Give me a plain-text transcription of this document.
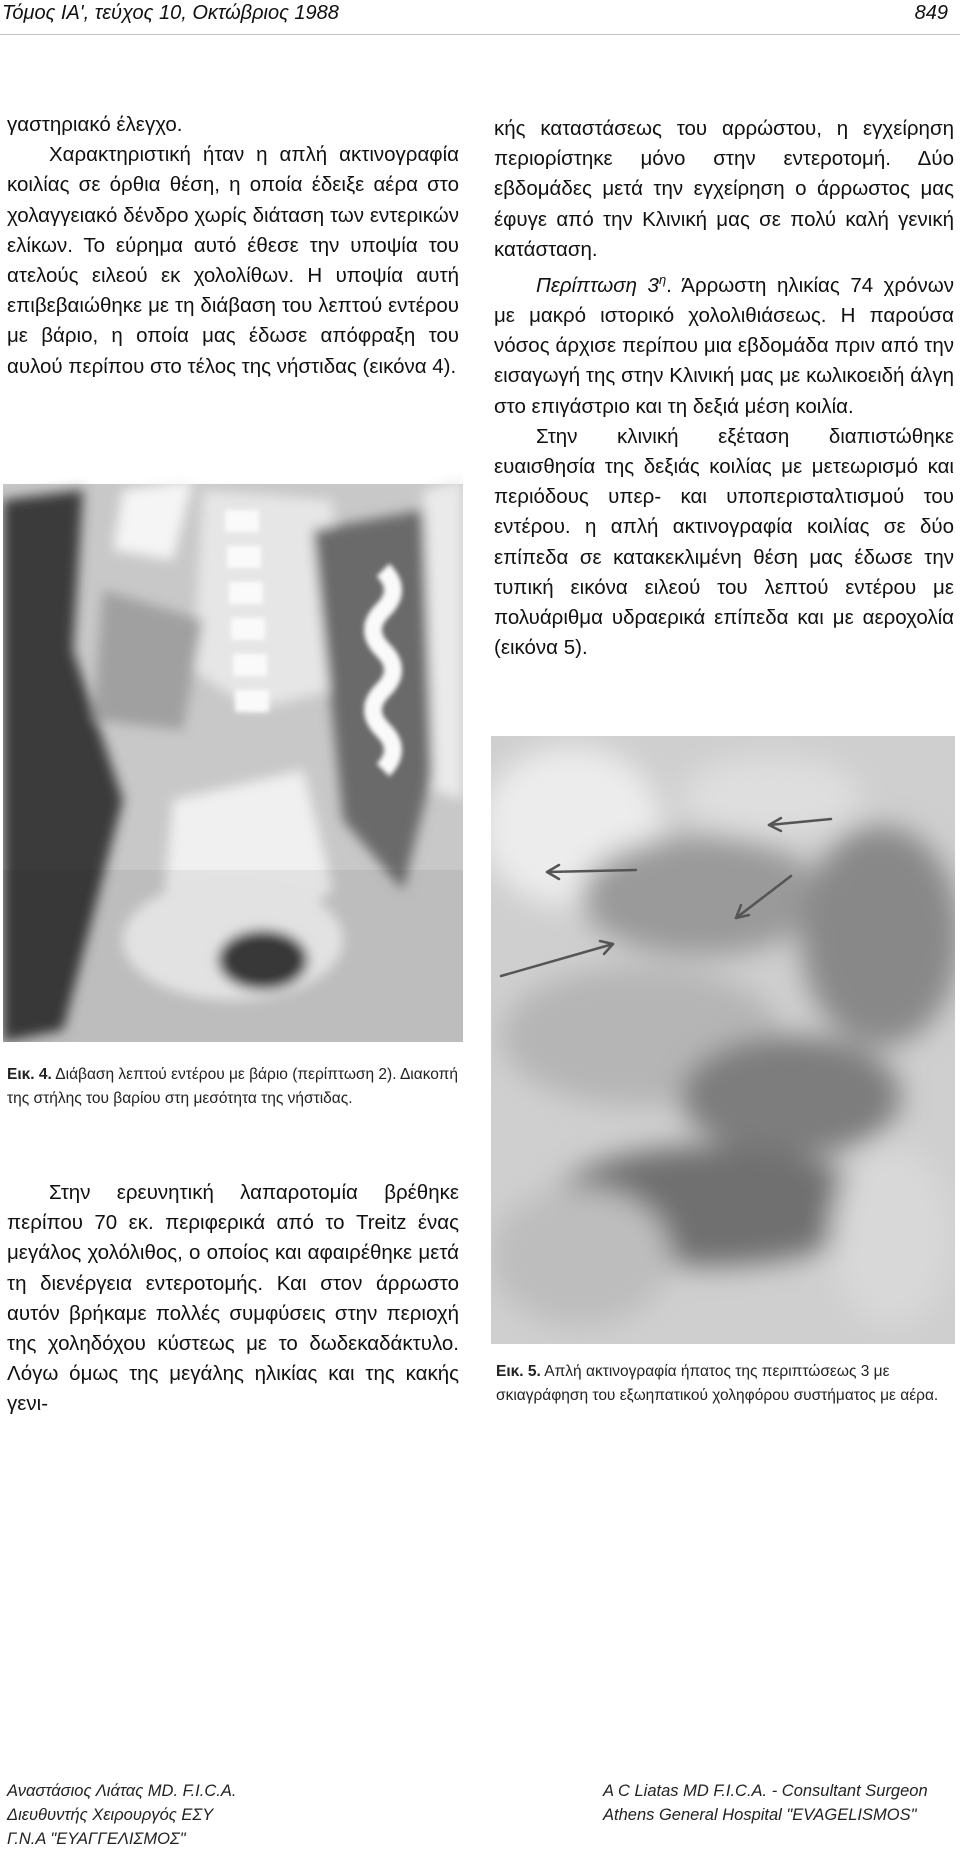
Τόμος ΙΑ', τεύχος 10, Οκτώβριος 1988	849

γαστηριακό έλεγχο.

Χαρακτηριστική ήταν η απλή ακτινογραφία κοιλίας σε όρθια θέση, η οποία έδειξε αέρα στο χολαγγειακό δένδρο χωρίς διάταση των εντερικών ελίκων. Το εύρημα αυτό έθεσε την υποψία του ατελούς ειλεού εκ χολολίθων. Η υποψία αυτή επιβεβαιώθηκε με τη διάβαση του λεπτού εντέρου με βάριο, η οποία μας έδωσε απόφραξη του αυλού περίπου στο τέλος της νήστιδας (εικόνα 4).

Εικ. 4. Διάβαση λεπτού εντέρου με βάριο (περίπτωση 2). Διακοπή της στήλης του βαρίου στη μεσότητα της νήστιδας.

Στην ερευνητική λαπαροτομία βρέθηκε περίπου 70 εκ. περιφερικά από το Treitz ένας μεγάλος χολόλιθος, ο οποίος και αφαιρέθηκε μετά τη διενέργεια εντεροτομής. Και στον άρρωστο αυτόν βρήκαμε πολλές συμφύσεις στην περιοχή της χοληδόχου κύστεως με το δωδεκαδάκτυλο. Λόγω όμως της μεγάλης ηλικίας και της κακής γενι-

κής καταστάσεως του αρρώστου, η εγχείρηση περιορίστηκε μόνο στην εντεροτομή. Δύο εβδομάδες μετά την εγχείρηση ο άρρωστος μας έφυγε από την Κλινική μας σε πολύ καλή γενική κατάσταση.

Περίπτωση $3^\eta$. Άρρωστη ηλικίας 74 χρόνων με μακρό ιστορικό χολολιθιάσεως. Η παρούσα νόσος άρχισε περίπου μια εβδομάδα πριν από την εισαγωγή της στην Κλινική μας με κωλικοειδή άλγη στο επιγάστριο και τη δεξιά μέση κοιλία.

Στην κλινική εξέταση διαπιστώθηκε ευαισθησία της δεξιάς κοιλίας με μετεωρισμό και περιόδους υπερ- και υποπερισταλτισμού του εντέρου. η απλή ακτινογραφία κοιλίας σε δύο επίπεδα σε κατακεκλιμένη θέση μας έδωσε την τυπική εικόνα ειλεού του λεπτού εντέρου με πολυάριθμα υδραερικά επίπεδα και με αεροχολία (εικόνα 5).

Εικ. 5. Απλή ακτινογραφία ήπατος της περιπτώσεως 3 με σκιαγράφηση του εξωηπατικού χοληφόρου συστήματος με αέρα.
Αναστάσιος Λιάτας MD. F.I.C.A.
Διευθυντής Χειρουργός ΕΣΥ
Γ.Ν.Α "ΕΥΑΓΓΕΛΙΣΜΟΣ"
A C Liatas MD F.I.C.A. - Consultant Surgeon
Athens General Hospital "EVAGELISMOS"
